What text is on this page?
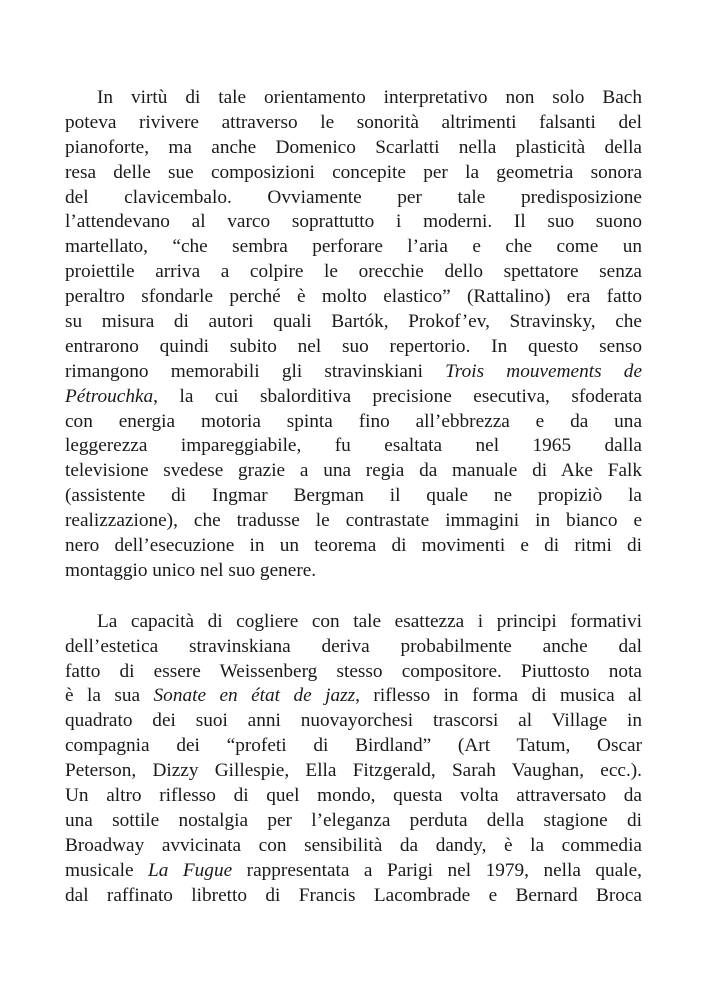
In virtù di tale orientamento interpretativo non solo Bach
poteva rivivere attraverso le sonorità altrimenti falsanti del
pianoforte, ma anche Domenico Scarlatti nella plasticità della
resa delle sue composizioni concepite per la geometria sonora
del clavicembalo. Ovviamente per tale predisposizione
l’attendevano al varco soprattutto i moderni. Il suo suono
martellato, “che sembra perforare l’aria e che come un
proiettile arriva a colpire le orecchie dello spettatore senza
peraltro sfondarle perché è molto elastico” (Rattalino) era fatto
su misura di autori quali Bartók, Prokof’ev, Stravinsky, che
entrarono quindi subito nel suo repertorio. In questo senso
rimangono memorabili gli stravinskiani Trois mouvements de
Pétrouchka, la cui sbalorditiva precisione esecutiva, sfoderata
con energia motoria spinta fino all’ebbrezza e da una
leggerezza impareggiabile, fu esaltata nel 1965 dalla
televisione svedese grazie a una regia da manuale di Ake Falk
(assistente di Ingmar Bergman il quale ne propiziò la
realizzazione), che tradusse le contrastate immagini in bianco e
nero dell’esecuzione in un teorema di movimenti e di ritmi di
montaggio unico nel suo genere.

La capacità di cogliere con tale esattezza i principi formativi
dell’estetica stravinskiana deriva probabilmente anche dal
fatto di essere Weissenberg stesso compositore. Piuttosto nota
è la sua Sonate en état de jazz, riflesso in forma di musica al
quadrato dei suoi anni nuovayorchesi trascorsi al Village in
compagnia dei “profeti di Birdland” (Art Tatum, Oscar
Peterson, Dizzy Gillespie, Ella Fitzgerald, Sarah Vaughan, ecc.).
Un altro riflesso di quel mondo, questa volta attraversato da
una sottile nostalgia per l’eleganza perduta della stagione di
Broadway avvicinata con sensibilità da dandy, è la commedia
musicale La Fugue rappresentata a Parigi nel 1979, nella quale,
dal raffinato libretto di Francis Lacombrade e Bernard Broca
